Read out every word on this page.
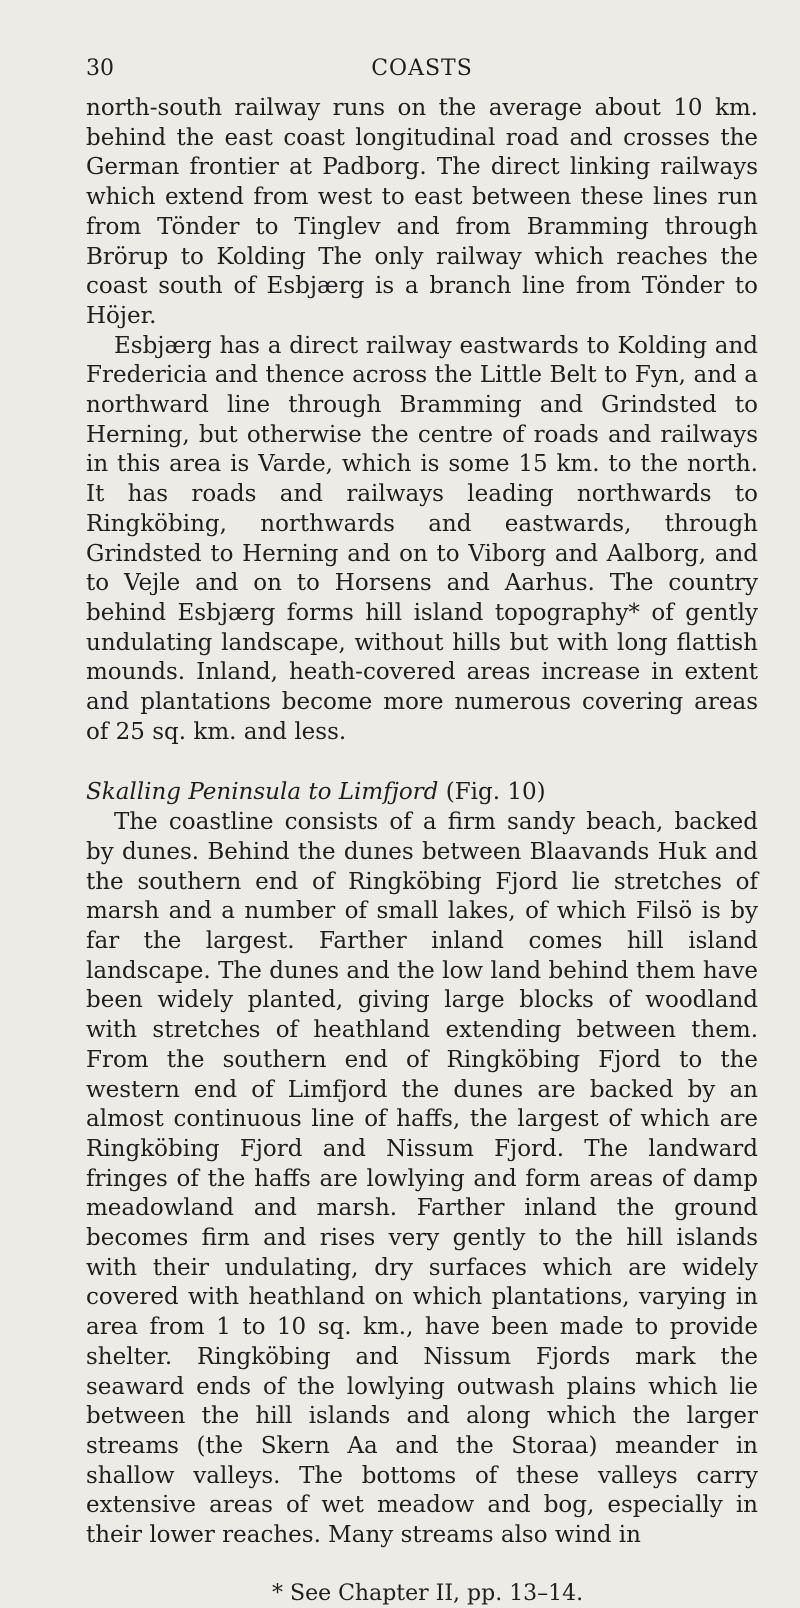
30	COASTS

north-south railway runs on the average about 10 km. behind the east coast longitudinal road and crosses the German frontier at Padborg. The direct linking railways which extend from west to east between these lines run from Tönder to Tinglev and from Bramming through Brörup to Kolding The only railway which reaches the coast south of Esbjærg is a branch line from Tönder to Höjer.

Esbjærg has a direct railway eastwards to Kolding and Fredericia and thence across the Little Belt to Fyn, and a northward line through Bramming and Grindsted to Herning, but otherwise the centre of roads and railways in this area is Varde, which is some 15 km. to the north. It has roads and railways leading northwards to Ringköbing, northwards and eastwards, through Grindsted to Herning and on to Viborg and Aalborg, and to Vejle and on to Horsens and Aarhus. The country behind Esbjærg forms hill island topography* of gently undulating landscape, without hills but with long flattish mounds. Inland, heath-covered areas increase in extent and plantations become more numerous covering areas of 25 sq. km. and less.

Skalling Peninsula to Limfjord (Fig. 10)

The coastline consists of a firm sandy beach, backed by dunes. Behind the dunes between Blaavands Huk and the southern end of Ringköbing Fjord lie stretches of marsh and a number of small lakes, of which Filsö is by far the largest. Farther inland comes hill island landscape. The dunes and the low land behind them have been widely planted, giving large blocks of woodland with stretches of heathland extending between them. From the southern end of Ringköbing Fjord to the western end of Limfjord the dunes are backed by an almost continuous line of haffs, the largest of which are Ringköbing Fjord and Nissum Fjord. The landward fringes of the haffs are lowlying and form areas of damp meadowland and marsh. Farther inland the ground becomes firm and rises very gently to the hill islands with their undulating, dry surfaces which are widely covered with heathland on which plantations, varying in area from 1 to 10 sq. km., have been made to provide shelter. Ringköbing and Nissum Fjords mark the seaward ends of the lowlying outwash plains which lie between the hill islands and along which the larger streams (the Skern Aa and the Storaa) meander in shallow valleys. The bottoms of these valleys carry extensive areas of wet meadow and bog, especially in their lower reaches. Many streams also wind in

* See Chapter II, pp. 13–14.
